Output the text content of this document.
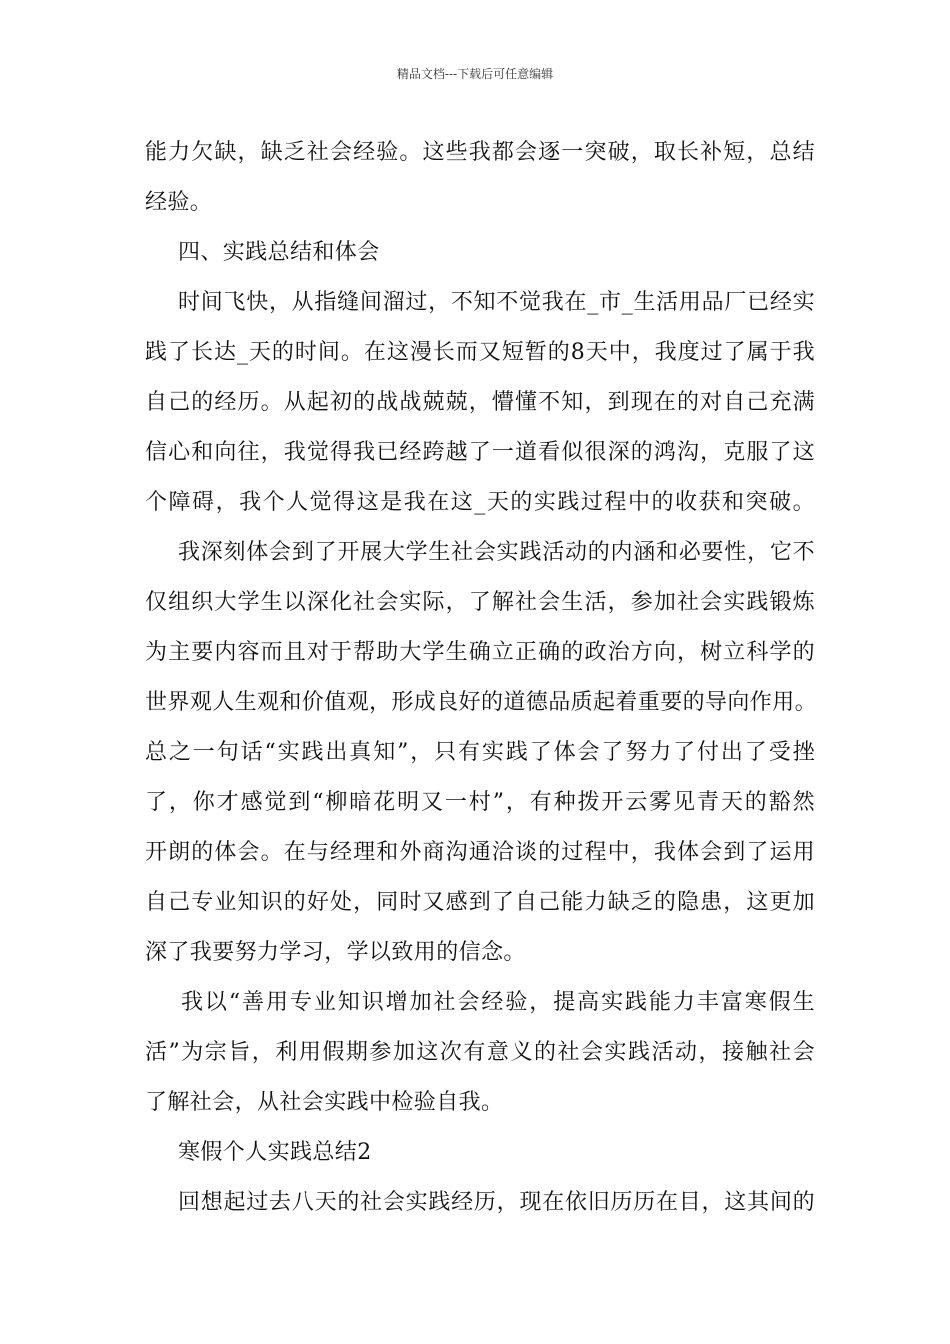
精品文档---下载后可任意编辑
能力欠缺，缺乏社会经验。这些我都会逐一突破，取长补短，总结
经验。
四、实践总结和体会
时间飞快，从指缝间溜过，不知不觉我在_市_生活用品厂已经实
践了长达_天的时间。在这漫长而又短暂的8天中，我度过了属于我
自己的经历。从起初的战战兢兢，懵懂不知，到现在的对自己充满
信心和向往，我觉得我已经跨越了一道看似很深的鸿沟，克服了这
个障碍，我个人觉得这是我在这_天的实践过程中的收获和突破。
我深刻体会到了开展大学生社会实践活动的内涵和必要性，它不
仅组织大学生以深化社会实际，了解社会生活，参加社会实践锻炼
为主要内容而且对于帮助大学生确立正确的政治方向，树立科学的
世界观人生观和价值观，形成良好的道德品质起着重要的导向作用。
总之一句话“实践出真知”，只有实践了体会了努力了付出了受挫
了，你才感觉到“柳暗花明又一村”，有种拨开云雾见青天的豁然
开朗的体会。在与经理和外商沟通洽谈的过程中，我体会到了运用
自己专业知识的好处，同时又感到了自己能力缺乏的隐患，这更加
深了我要努力学习，学以致用的信念。
我以“善用专业知识增加社会经验，提高实践能力丰富寒假生
活”为宗旨，利用假期参加这次有意义的社会实践活动，接触社会
了解社会，从社会实践中检验自我。
寒假个人实践总结2
回想起过去八天的社会实践经历，现在依旧历历在目，这其间的
